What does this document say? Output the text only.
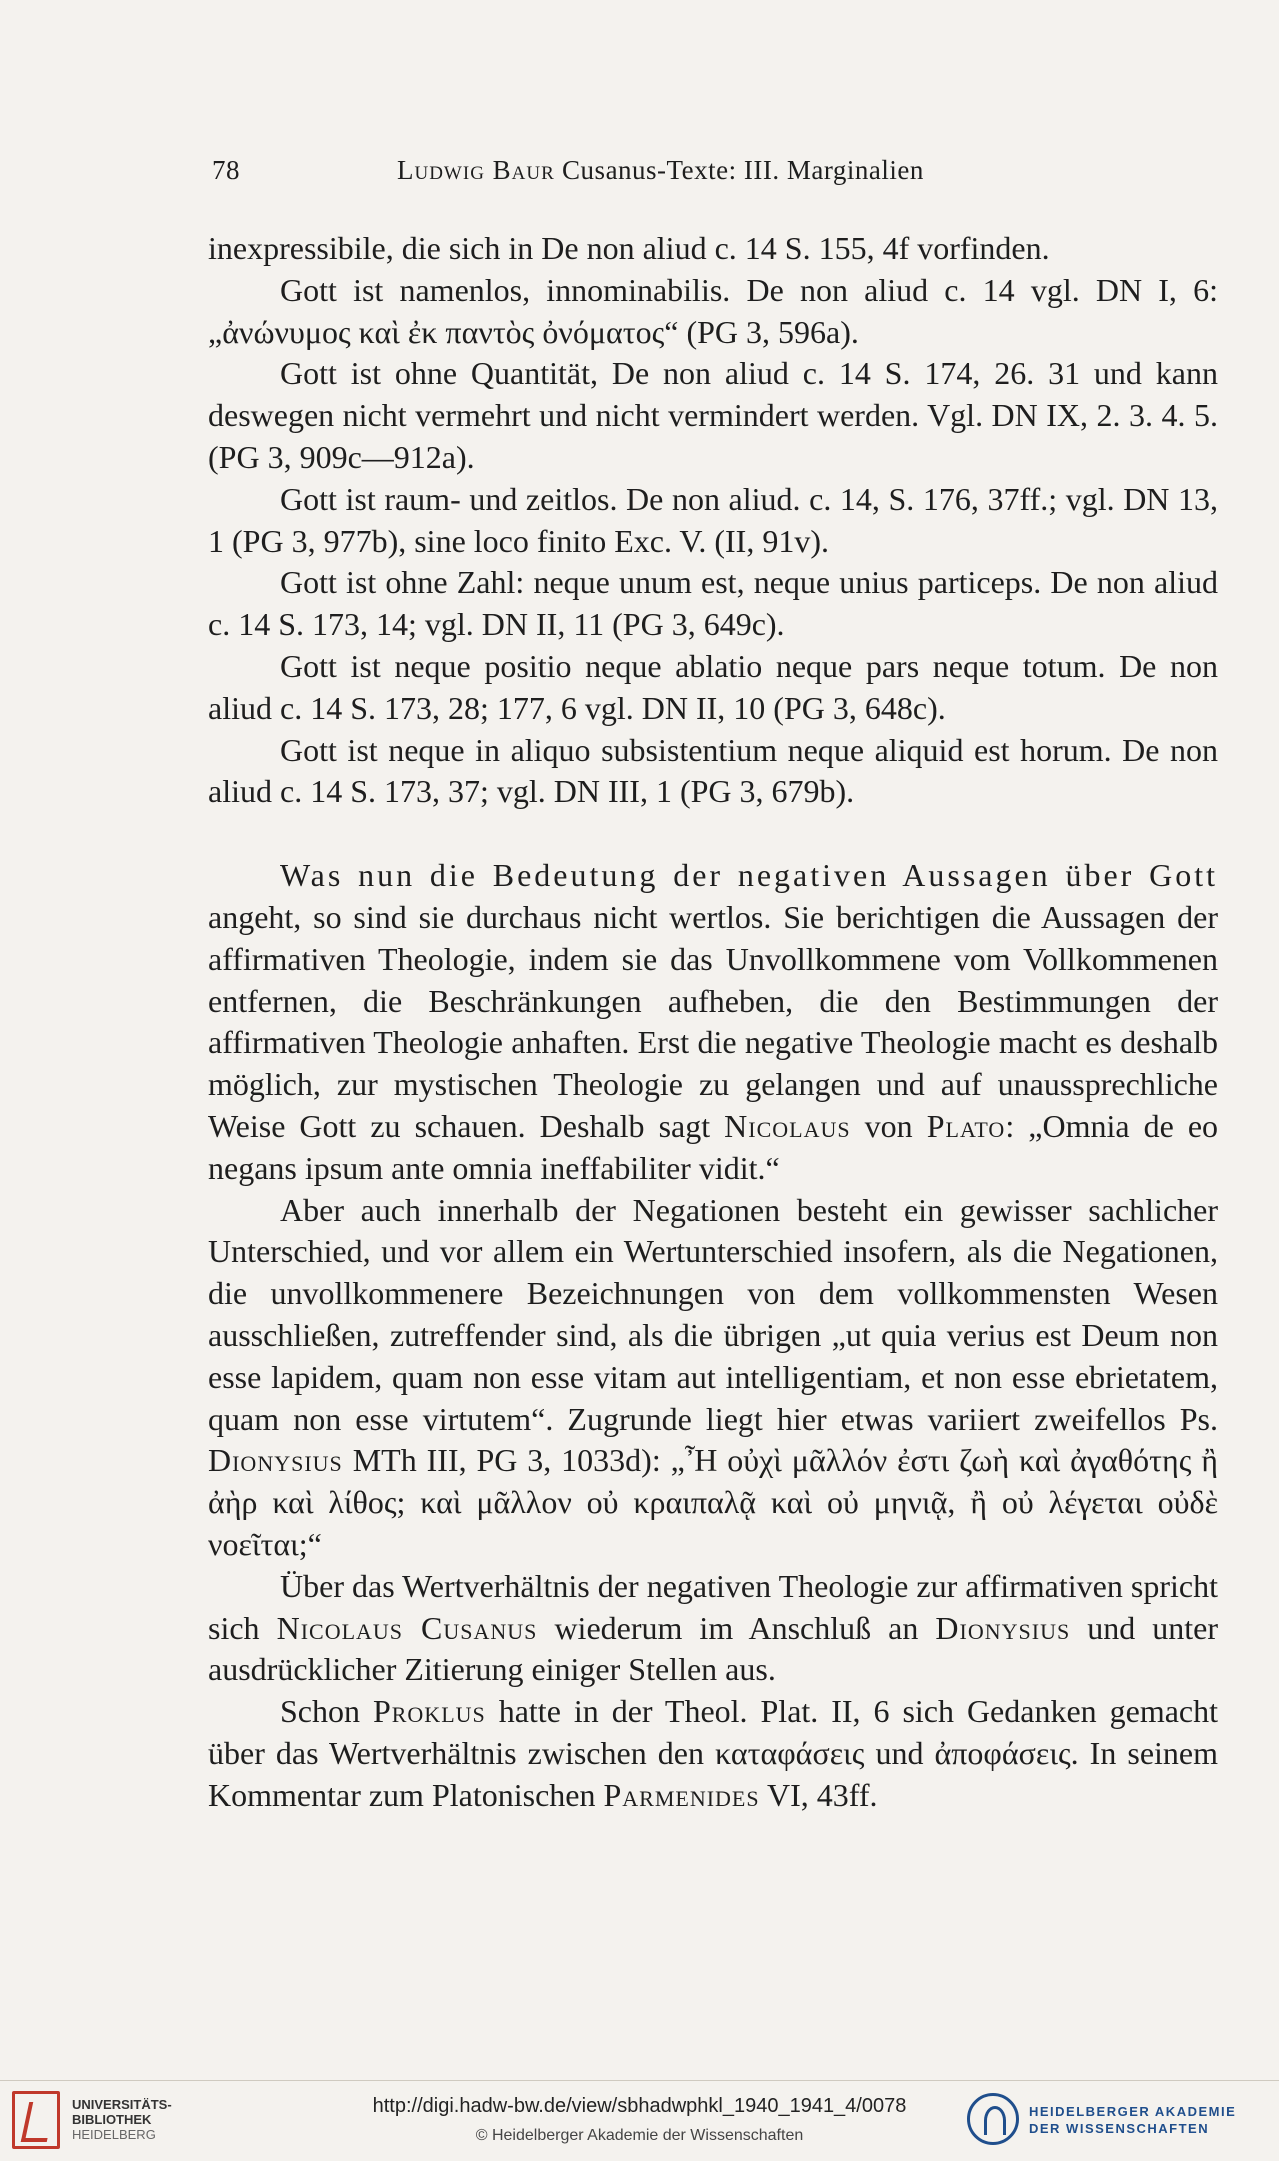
78	Ludwig Baur Cusanus-Texte: III. Marginalien

inexpressibile, die sich in De non aliud c. 14 S. 155, 4f vorfinden.

Gott ist namenlos, innominabilis. De non aliud c. 14 vgl. DN I, 6: „ἀνώνυμος καὶ ἐκ παντὸς ὀνόματος“ (PG 3, 596a).

Gott ist ohne Quantität, De non aliud c. 14 S. 174, 26. 31 und kann deswegen nicht vermehrt und nicht vermindert werden. Vgl. DN IX, 2. 3. 4. 5. (PG 3, 909c—912a).

Gott ist raum- und zeitlos. De non aliud. c. 14, S. 176, 37ff.; vgl. DN 13, 1 (PG 3, 977b), sine loco finito Exc. V. (II, 91v).

Gott ist ohne Zahl: neque unum est, neque unius particeps. De non aliud c. 14 S. 173, 14; vgl. DN II, 11 (PG 3, 649c).

Gott ist neque positio neque ablatio neque pars neque totum. De non aliud c. 14 S. 173, 28; 177, 6 vgl. DN II, 10 (PG 3, 648c).

Gott ist neque in aliquo subsistentium neque aliquid est horum. De non aliud c. 14 S. 173, 37; vgl. DN III, 1 (PG 3, 679b).

Was nun die Bedeutung der negativen Aussagen über Gott angeht, so sind sie durchaus nicht wertlos. Sie berichtigen die Aussagen der affirmativen Theologie, indem sie das Unvollkommene vom Vollkommenen entfernen, die Beschränkungen aufheben, die den Bestimmungen der affirmativen Theologie anhaften. Erst die negative Theologie macht es deshalb möglich, zur mystischen Theologie zu gelangen und auf unaussprechliche Weise Gott zu schauen. Deshalb sagt Nicolaus von Plato: „Omnia de eo negans ipsum ante omnia ineffabiliter vidit.“

Aber auch innerhalb der Negationen besteht ein gewisser sachlicher Unterschied, und vor allem ein Wertunterschied insofern, als die Negationen, die unvollkommenere Bezeichnungen von dem vollkommensten Wesen ausschließen, zutreffender sind, als die übrigen „ut quia verius est Deum non esse lapidem, quam non esse vitam aut intelligentiam, et non esse ebrietatem, quam non esse virtutem“. Zugrunde liegt hier etwas variiert zweifellos Ps. Dionysius MTh III, PG 3, 1033d): „Ἦ οὐχὶ μᾶλλόν ἐστι ζωὴ καὶ ἀγαθότης ἢ ἀὴρ καὶ λίθος; καὶ μᾶλλον οὐ κραιπαλᾷ καὶ οὐ μηνιᾷ, ἢ οὐ λέγεται οὐδὲ νοεῖται;“

Über das Wertverhältnis der negativen Theologie zur affirmativen spricht sich Nicolaus Cusanus wiederum im Anschluß an Dionysius und unter ausdrücklicher Zitierung einiger Stellen aus.

Schon Proklus hatte in der Theol. Plat. II, 6 sich Gedanken gemacht über das Wertverhältnis zwischen den καταφάσεις und ἀποφάσεις. In seinem Kommentar zum Platonischen Parmenides VI, 43ff.

UNIVERSITÄTS-
BIBLIOTHEK
HEIDELBERG
http://digi.hadw-bw.de/view/sbhadwphkl_1940_1941_4/0078
© Heidelberger Akademie der Wissenschaften
HEIDELBERGER AKADEMIE
DER WISSENSCHAFTEN
